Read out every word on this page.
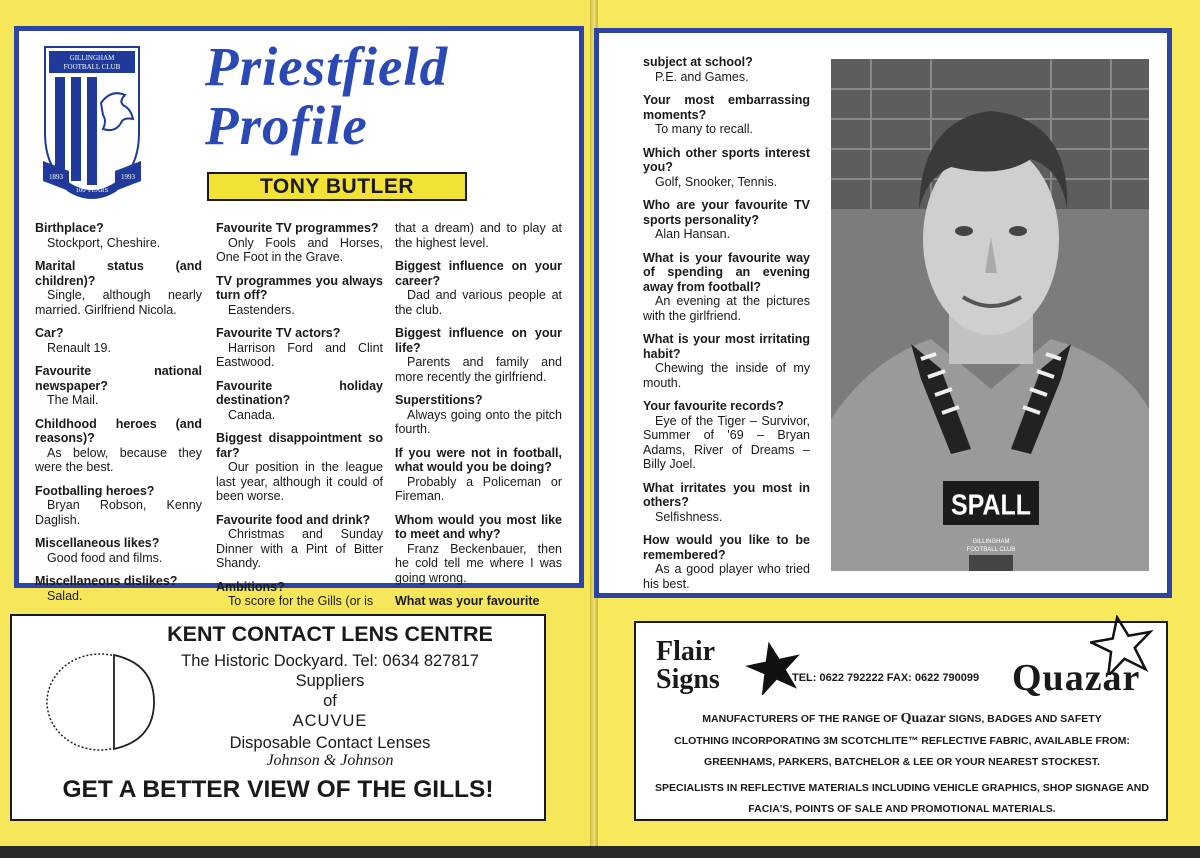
GILLINGHAM
FOOTBALL CLUB
1893	1993
100 YEARS
Priestfield
Profile
TONY BUTLER
Birthplace?
Stockport, Cheshire.
Marital status (and children)?
Single, although nearly married. Girlfriend Nicola.
Car?
Renault 19.
Favourite national newspaper?
The Mail.
Childhood heroes (and reasons)?
As below, because they were the best.
Footballing heroes?
Bryan Robson, Kenny Daglish.
Miscellaneous likes?
Good food and films.
Miscellaneous dislikes?
Salad.
Favourite TV programmes?
Only Fools and Horses, One Foot in the Grave.
TV programmes you always turn off?
Eastenders.
Favourite TV actors?
Harrison Ford and Clint Eastwood.
Favourite holiday destination?
Canada.
Biggest disappointment so far?
Our position in the league last year, although it could of been worse.
Favourite food and drink?
Christmas and Sunday Dinner with a Pint of Bitter Shandy.
Ambitions?
To score for the Gills (or is
that a dream) and to play at the highest level.
Biggest influence on your career?
Dad and various people at the club.
Biggest influence on your life?
Parents and family and more recently the girlfriend.
Superstitions?
Always going onto the pitch fourth.
If you were not in football, what would you be doing?
Probably a Policeman or Fireman.
Whom would you most like to meet and why?
Franz Beckenbauer, then he cold tell me where I was going wrong.
What was your favourite
subject at school?
P.E. and Games.
Your most embarrassing moments?
To many to recall.
Which other sports interest you?
Golf, Snooker, Tennis.
Who are your favourite TV sports personality?
Alan Hansan.
What is your favourite way of spending an evening away from football?
An evening at the pictures with the girlfriend.
What is your most irritating habit?
Chewing the inside of my mouth.
Your favourite records?
Eye of the Tiger – Survivor, Summer of '69 – Bryan Adams, River of Dreams – Billy Joel.
What irritates you most in others?
Selfishness.
How would you like to be remembered?
As a good player who tried his best.
SPALL
GILLINGHAM
FOOTBALL CLUB
KENT CONTACT LENS CENTRE
The Historic Dockyard. Tel: 0634 827817
Suppliers
of
ACUVUE
Disposable Contact Lenses
Johnson & Johnson
GET A BETTER VIEW OF THE GILLS!
Flair
Signs	TEL: 0622 792222 FAX: 0622 790099 Quazar
MANUFACTURERS OF THE RANGE OF Quazar SIGNS, BADGES AND SAFETY
CLOTHING INCORPORATING 3M SCOTCHLITE™ REFLECTIVE FABRIC, AVAILABLE FROM:
GREENHAMS, PARKERS, BATCHELOR & LEE OR YOUR NEAREST STOCKEST.
SPECIALISTS IN REFLECTIVE MATERIALS INCLUDING VEHICLE GRAPHICS, SHOP SIGNAGE AND
FACIA'S, POINTS OF SALE AND PROMOTIONAL MATERIALS.
